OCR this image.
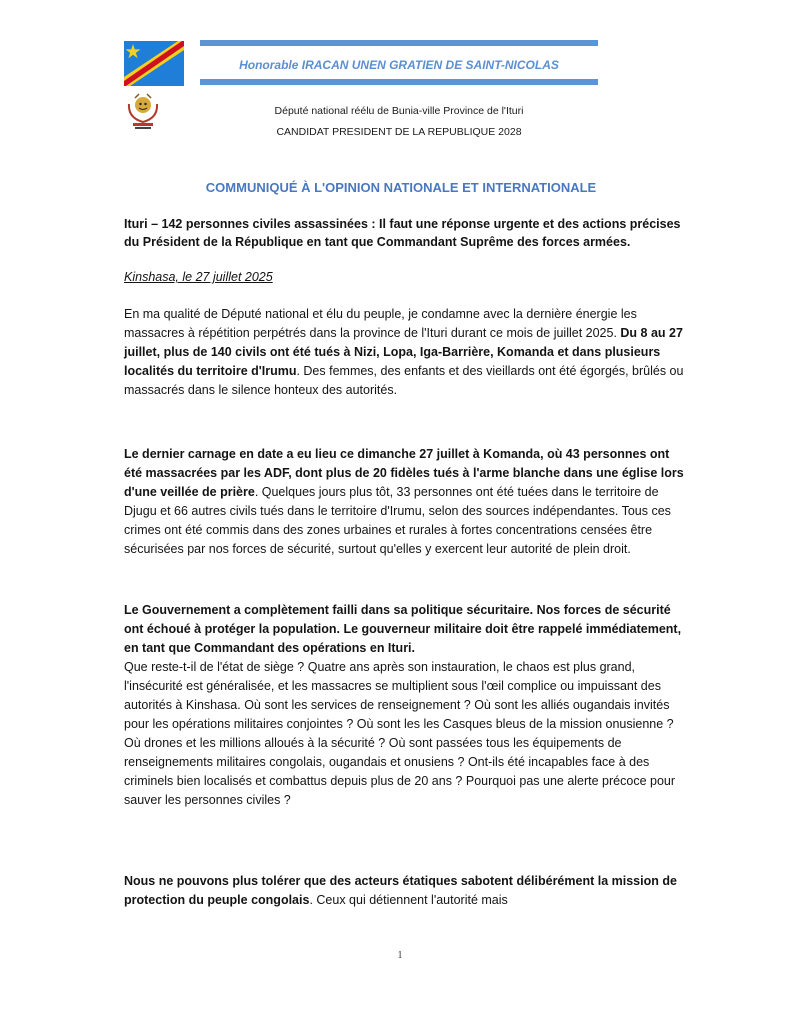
Honorable IRACAN UNEN GRATIEN DE SAINT-NICOLAS
Député national réélu de Bunia-ville Province de l'Ituri
CANDIDAT PRESIDENT DE LA REPUBLIQUE 2028
COMMUNIQUÉ À L'OPINION NATIONALE ET INTERNATIONALE
Ituri – 142 personnes civiles assassinées : Il faut une réponse urgente et des actions précises du Président de la République en tant que Commandant Suprême des forces armées.
Kinshasa, le 27 juillet 2025

En ma qualité de Député national et élu du peuple, je condamne avec la dernière énergie les massacres à répétition perpétrés dans la province de l'Ituri durant ce mois de juillet 2025. Du 8 au 27 juillet, plus de 140 civils ont été tués à Nizi, Lopa, Iga-Barrière, Komanda et dans plusieurs localités du territoire d'Irumu. Des femmes, des enfants et des vieillards ont été égorgés, brûlés ou massacrés dans le silence honteux des autorités.

Le dernier carnage en date a eu lieu ce dimanche 27 juillet à Komanda, où 43 personnes ont été massacrées par les ADF, dont plus de 20 fidèles tués à l'arme blanche dans une église lors d'une veillée de prière. Quelques jours plus tôt, 33 personnes ont été tuées dans le territoire de Djugu et 66 autres civils tués dans le territoire d'Irumu, selon des sources indépendantes. Tous ces crimes ont été commis dans des zones urbaines et rurales à fortes concentrations censées être sécurisées par nos forces de sécurité, surtout qu'elles y exercent leur autorité de plein droit.

Le Gouvernement a complètement failli dans sa politique sécuritaire. Nos forces de sécurité ont échoué à protéger la population. Le gouverneur militaire doit être rappelé immédiatement, en tant que Commandant des opérations en Ituri.
Que reste-t-il de l'état de siège ? Quatre ans après son instauration, le chaos est plus grand, l'insécurité est généralisée, et les massacres se multiplient sous l'œil complice ou impuissant des autorités à Kinshasa. Où sont les services de renseignement ? Où sont les alliés ougandais invités pour les opérations militaires conjointes ? Où sont les les Casques bleus de la mission onusienne ? Où drones et les millions alloués à la sécurité ? Où sont passées tous les équipements de renseignements militaires congolais, ougandais et onusiens ? Ont-ils été incapables face à des criminels bien localisés et combattus depuis plus de 20 ans ? Pourquoi pas une alerte précoce pour sauver les personnes civiles ?

Nous ne pouvons plus tolérer que des acteurs étatiques sabotent délibérément la mission de protection du peuple congolais. Ceux qui détiennent l'autorité mais

1
